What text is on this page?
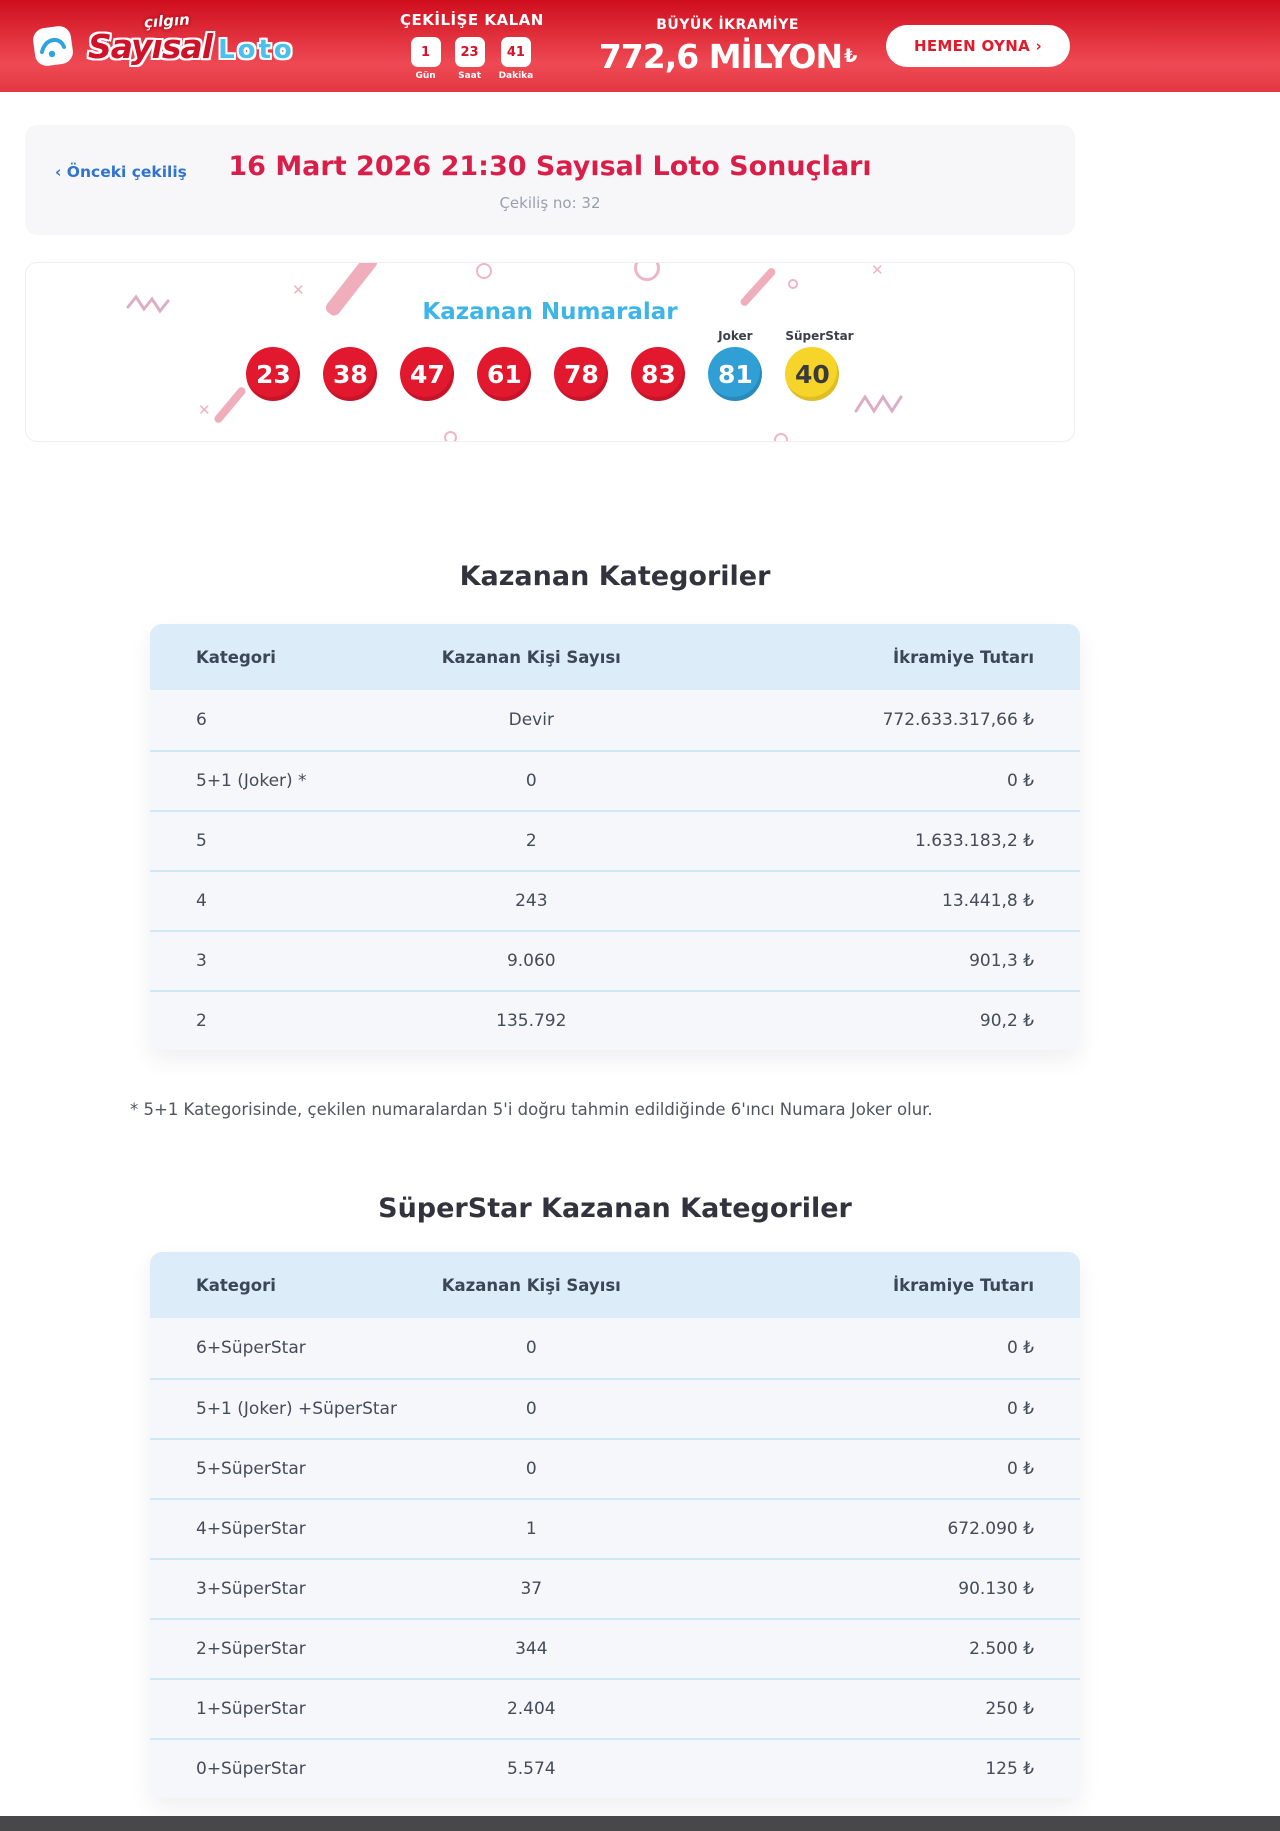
çılgın
Sayısal Loto
ÇEKİLİŞE KALAN
1
Gün
23
Saat
41
Dakika
BÜYÜK İKRAMİYE
772,6 MİLYON ₺	HEMEN OYNA ›
‹ Önceki çekiliş	16 Mart 2026 21:30 Sayısal Loto Sonuçları
Çekiliş no: 32
✕
✕
✕
Kazanan Numaralar
23	38	47	61	78	83
Joker
81
SüperStar
40
Kazanan Kategoriler
Kategori	Kazanan Kişi Sayısı	İkramiye Tutarı
6	Devir	772.633.317,66 ₺
5+1 (Joker) *	0	0 ₺
5	2	1.633.183,2 ₺
4	243	13.441,8 ₺
3	9.060	901,3 ₺
2	135.792	90,2 ₺
* 5+1 Kategorisinde, çekilen numaralardan 5'i doğru tahmin edildiğinde 6'ıncı Numara Joker olur.
SüperStar Kazanan Kategoriler
Kategori	Kazanan Kişi Sayısı	İkramiye Tutarı
6+SüperStar	0	0 ₺
5+1 (Joker) +SüperStar	0	0 ₺
5+SüperStar	0	0 ₺
4+SüperStar	1	672.090 ₺
3+SüperStar	37	90.130 ₺
2+SüperStar	344	2.500 ₺
1+SüperStar	2.404	250 ₺
0+SüperStar	5.574	125 ₺
